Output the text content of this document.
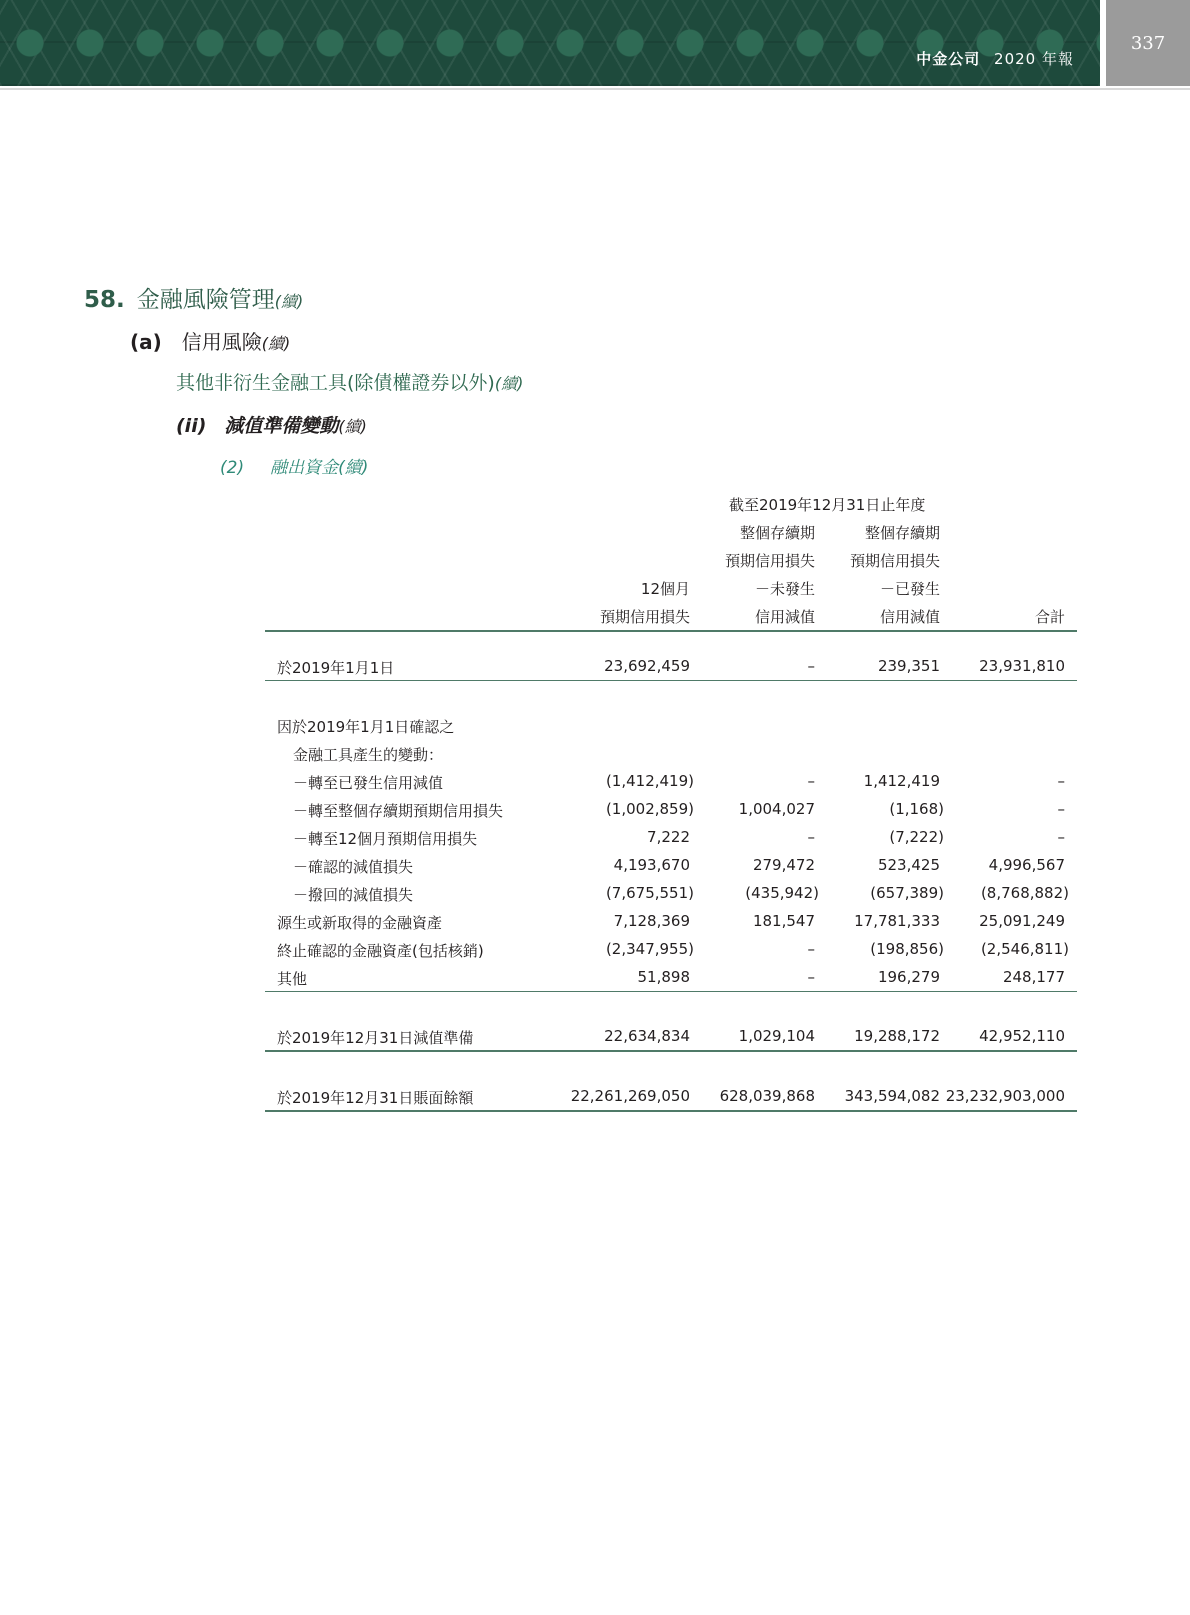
中金公司 2020 年報
337
58. 金融風險管理(續)
(a) 信用風險(續)
其他非衍生金融工具(除債權證券以外)(續)
(ii) 減值準備變動(續)
(2) 融出資金(續)
截至2019年12月31日止年度
整個存續期	整個存續期
預期信用損失 預期信用損失
12個月	－未發生	－已發生
預期信用損失	信用減值	信用減值	合計
於2019年1月1日	23,692,459	–	239,351	23,931,810
因於2019年1月1日確認之
金融工具產生的變動：
－轉至已發生信用減值	(1,412,419)	–	1,412,419	–
－轉至整個存續期預期信用損失	(1,002,859)	1,004,027	(1,168)	–
－轉至12個月預期信用損失	7,222	–	(7,222)	–
－確認的減值損失	4,193,670	279,472	523,425	4,996,567
－撥回的減值損失	(7,675,551)	(435,942)	(657,389) (8,768,882)
源生或新取得的金融資產	7,128,369	181,547	17,781,333	25,091,249
終止確認的金融資產(包括核銷)	(2,347,955)	–	(198,856) (2,546,811)
其他	51,898	–	196,279	248,177
於2019年12月31日減值準備	22,634,834	1,029,104	19,288,172	42,952,110
於2019年12月31日賬面餘額	22,261,269,050 628,039,868 343,594,082 23,232,903,000
